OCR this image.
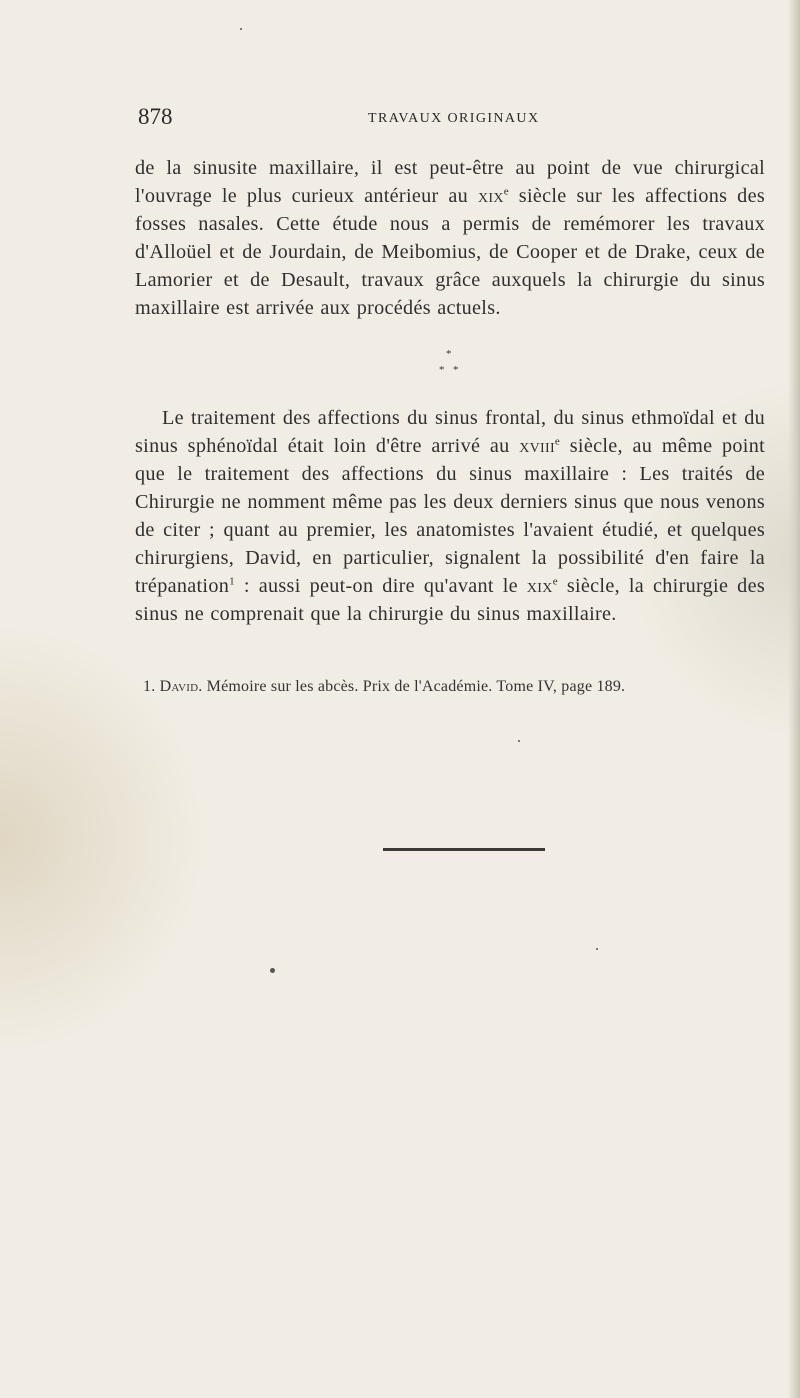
878	TRAVAUX ORIGINAUX
de la sinusite maxillaire, il est peut-être au point de vue chirurgical l'ouvrage le plus curieux antérieur au xix$^e$ siècle sur les affections des fosses nasales. Cette étude nous a permis de remémorer les travaux d'Alloüel et de Jourdain, de Meibomius, de Cooper et de Drake, ceux de Lamorier et de Desault, travaux grâce auxquels la chirurgie du sinus maxillaire est arrivée aux procédés actuels.
*
* *
Le traitement des affections du sinus frontal, du sinus ethmoïdal et du sinus sphénoïdal était loin d'être arrivé au xviii$^e$ siècle, au même point que le traitement des affections du sinus maxillaire : Les traités de Chirurgie ne nomment même pas les deux derniers sinus que nous venons de citer ; quant au premier, les anatomistes l'avaient étudié, et quelques chirurgiens, David, en particulier, signalent la possibilité d'en faire la trépanation$^1$ : aussi peut-on dire qu'avant le xix$^e$ siècle, la chirurgie des sinus ne comprenait que la chirurgie du sinus maxillaire.
1. David. Mémoire sur les abcès. Prix de l'Académie. Tome IV, page 189.
